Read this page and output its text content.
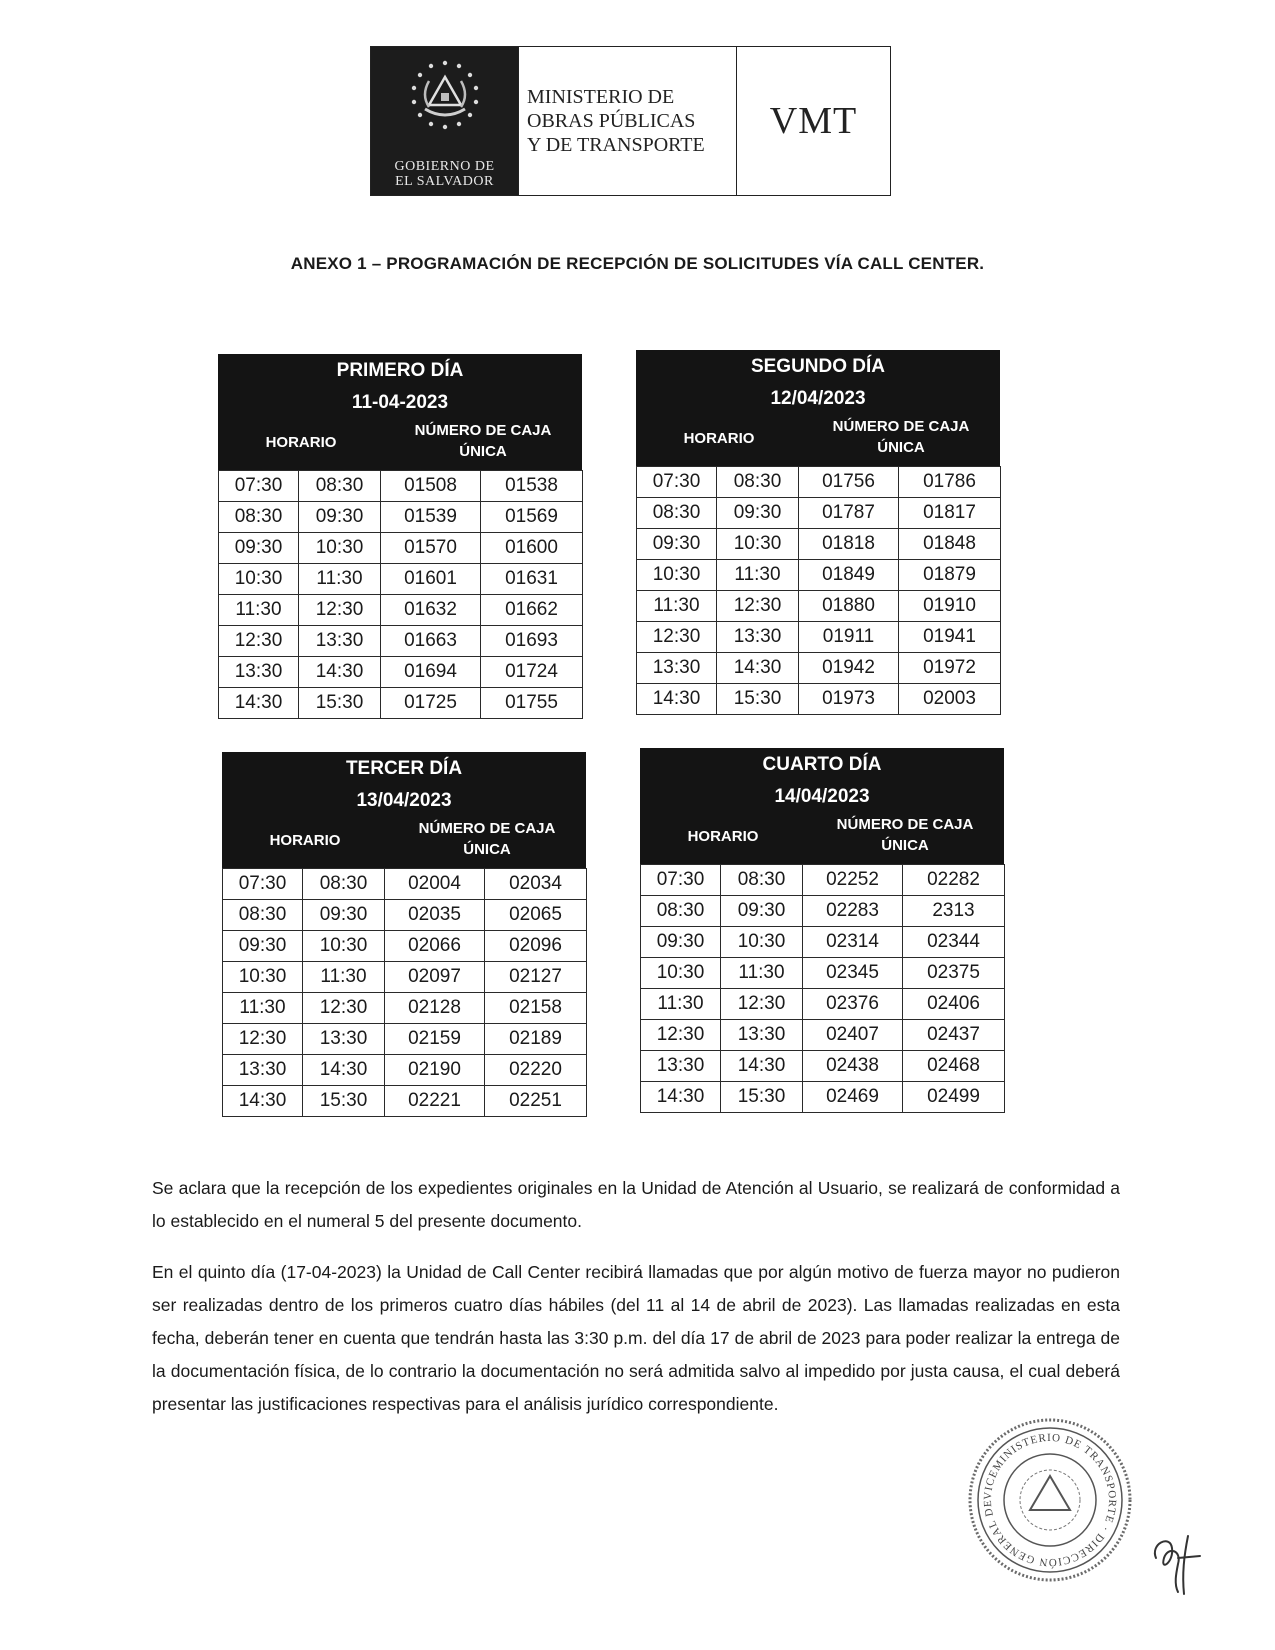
GOBIERNO DE
EL SALVADOR
MINISTERIO DE
OBRAS PÚBLICAS
Y DE TRANSPORTE
VMT
ANEXO 1 – PROGRAMACIÓN DE RECEPCIÓN DE SOLICITUDES VÍA CALL CENTER.
PRIMERO DÍA
11-04-2023
HORARIO
NÚMERO DE CAJA
ÚNICA
07:30	08:30	01508	01538
08:30	09:30	01539	01569
09:30	10:30	01570	01600
10:30	11:30	01601	01631
11:30	12:30	01632	01662
12:30	13:30	01663	01693
13:30	14:30	01694	01724
14:30	15:30	01725	01755
SEGUNDO DÍA
12/04/2023
HORARIO
NÚMERO DE CAJA
ÚNICA
07:30	08:30	01756	01786
08:30	09:30	01787	01817
09:30	10:30	01818	01848
10:30	11:30	01849	01879
11:30	12:30	01880	01910
12:30	13:30	01911	01941
13:30	14:30	01942	01972
14:30	15:30	01973	02003
TERCER DÍA
13/04/2023
HORARIO
NÚMERO DE CAJA
ÚNICA
07:30	08:30	02004	02034
08:30	09:30	02035	02065
09:30	10:30	02066	02096
10:30	11:30	02097	02127
11:30	12:30	02128	02158
12:30	13:30	02159	02189
13:30	14:30	02190	02220
14:30	15:30	02221	02251
CUARTO DÍA
14/04/2023
HORARIO
NÚMERO DE CAJA
ÚNICA
07:30	08:30	02252	02282
08:30	09:30	02283	2313
09:30	10:30	02314	02344
10:30	11:30	02345	02375
11:30	12:30	02376	02406
12:30	13:30	02407	02437
13:30	14:30	02438	02468
14:30	15:30	02469	02499

Se aclara que la recepción de los expedientes originales en la Unidad de Atención al Usuario, se realizará de conformidad a lo establecido en el numeral 5 del presente documento.

En el quinto día (17-04-2023) la Unidad de Call Center recibirá llamadas que por algún motivo de fuerza mayor no pudieron ser realizadas dentro de los primeros cuatro días hábiles (del 11 al 14 de abril de 2023). Las llamadas realizadas en esta fecha, deberán tener en cuenta que tendrán hasta las 3:30 p.m. del día 17 de abril de 2023 para poder realizar la entrega de la documentación física, de lo contrario la documentación no será admitida salvo al impedido por justa causa, el cual deberá presentar las justificaciones respectivas para el análisis jurídico correspondiente.

VICEMINISTERIO DE TRANSPORTE · DIRECCIÓN GENERAL DE
